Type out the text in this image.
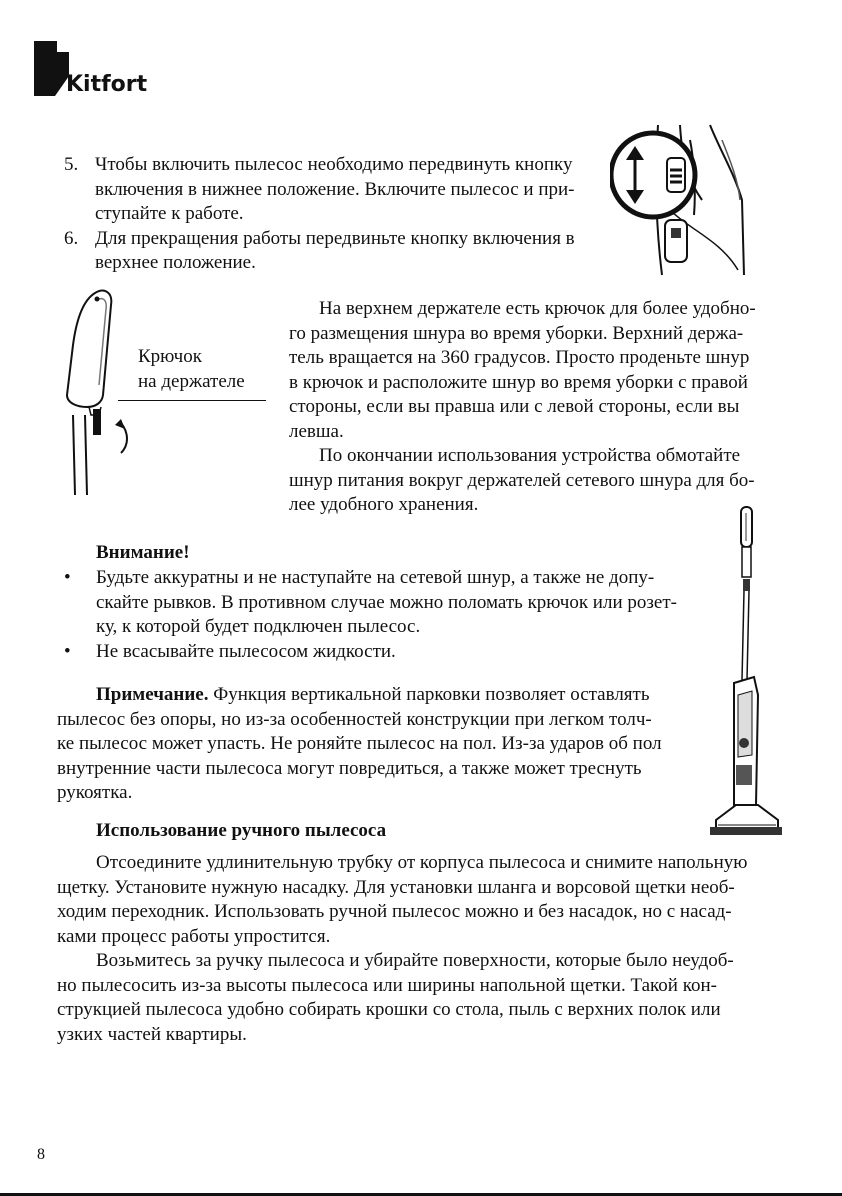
Kitfort
5. Чтобы включить пылесос необходимо передвинуть кнопку
включения в нижнее положение. Включите пылесос и при-
ступайте к работе.
6. Для прекращения работы передвиньте кнопку включения в
верхнее положение.
Крючок
на держателе
На верхнем держателе есть крючок для более удобно-
го размещения шнура во время уборки. Верхний держа-
тель вращается на 360 градусов. Просто проденьте шнур
в крючок и расположите шнур во время уборки с правой
стороны, если вы правша или с левой стороны, если вы
левша.
По окончании использования устройства обмотайте
шнур питания вокруг держателей сетевого шнура для бо-
лее удобного хранения.
Внимание!
•	Будьте аккуратны и не наступайте на сетевой шнур, а также не допу-
скайте рывков. В противном случае можно поломать крючок или розет-
ку, к которой будет подключен пылесос.
•	Не всасывайте пылесосом жидкости.
Примечание. Функция вертикальной парковки позволяет оставлять
пылесос без опоры, но из-за особенностей конструкции при легком толч-
ке пылесос может упасть. Не роняйте пылесос на пол. Из-за ударов об пол
внутренние части пылесоса могут повредиться, а также может треснуть
рукоятка.
Использование ручного пылесоса
Отсоедините удлинительную трубку от корпуса пылесоса и снимите напольную
щетку. Установите нужную насадку. Для установки шланга и ворсовой щетки необ-
ходим переходник. Использовать ручной пылесос можно и без насадок, но с насад-
ками процесс работы упростится.
Возьмитесь за ручку пылесоса и убирайте поверхности, которые было неудоб-
но пылесосить из-за высоты пылесоса или ширины напольной щетки. Такой кон-
струкцией пылесоса удобно собирать крошки со стола, пыль с верхних полок или
узких частей квартиры.
8
